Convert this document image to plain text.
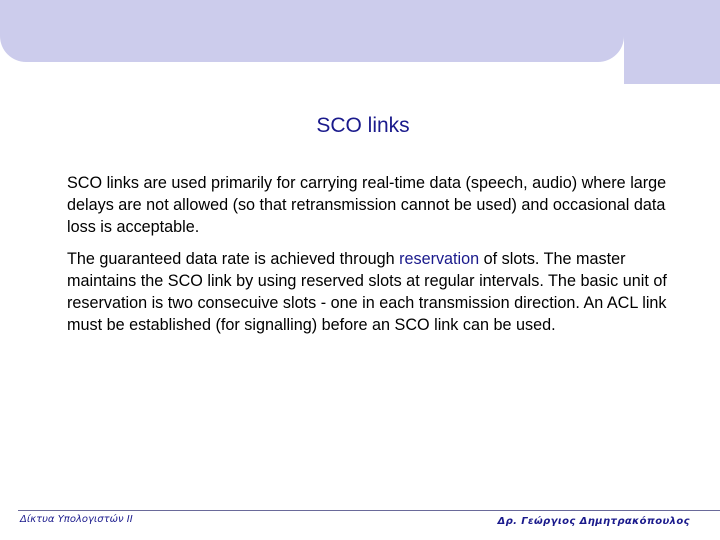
SCO links

SCO links are used primarily for carrying real-time data (speech, audio) where large delays are not allowed (so that retransmission cannot be used) and occasional data loss is acceptable.

The guaranteed data rate is achieved through reservation of slots. The master maintains the SCO link by using reserved slots at regular intervals. The basic unit of reservation is two consecuive slots - one in each transmission direction. An ACL link must be established (for signalling) before an SCO link can be used.

Δίκτυα Υπολογιστών ΙΙ	Δρ. Γεώργιος Δημητρακόπουλος
